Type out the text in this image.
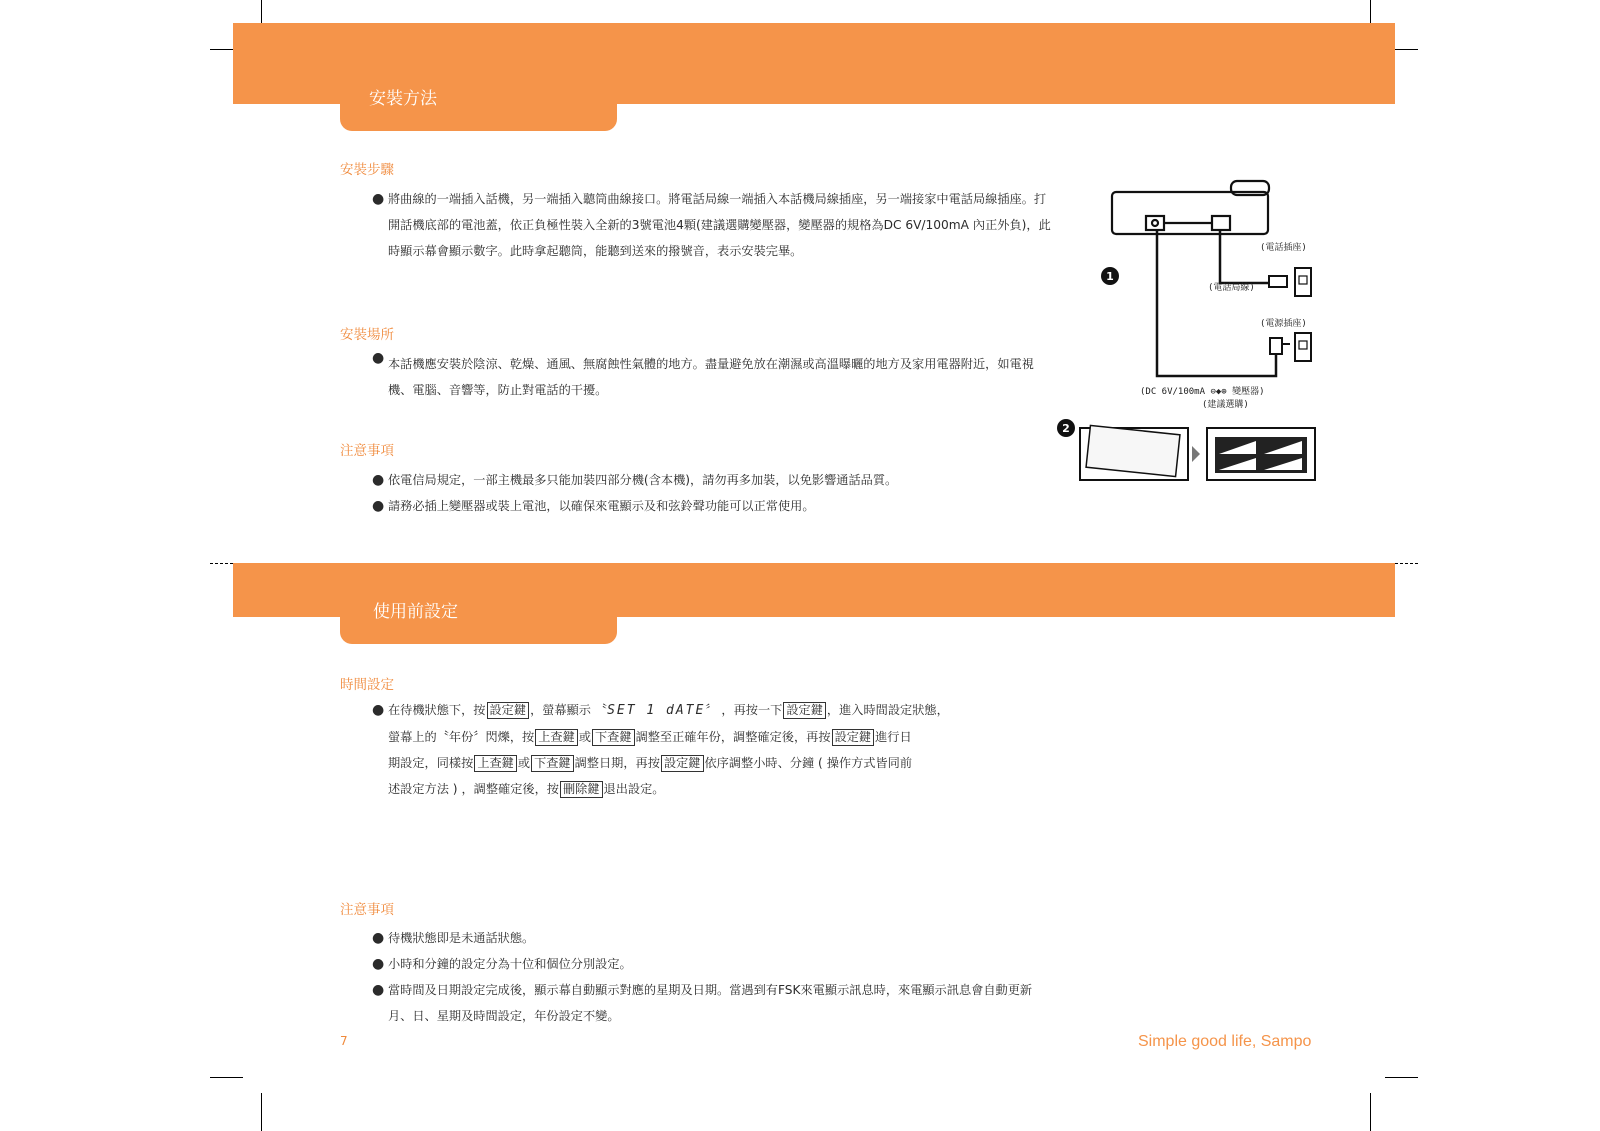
安裝方法
安裝步驟
● 將曲線的一端插入話機，另一端插入聽筒曲線接口。將電話局線一端插入本話機局線插座，另一端接家中電話局線插座。打開話機底部的電池蓋，依正負極性裝入全新的3號電池4顆(建議選購變壓器，變壓器的規格為DC 6V/100mA 內正外負)，此時顯示幕會顯示數字。此時拿起聽筒，能聽到送來的撥號音，表示安裝完畢。
安裝場所
● 本話機應安裝於陰涼、乾燥、通風、無腐蝕性氣體的地方。盡量避免放在潮濕或高溫曝曬的地方及家用電器附近，如電視機、電腦、音響等，防止對電話的干擾。
注意事項
● 依電信局規定，一部主機最多只能加裝四部分機(含本機)，請勿再多加裝，以免影響通話品質。
● 請務必插上變壓器或裝上電池，以確保來電顯示及和弦鈴聲功能可以正常使用。
1
2
(電話插座)
(電話局線)
(電源插座)
(DC 6V/100mA ⊖◆⊕ 變壓器)
(建議選購)
使用前設定
時間設定
● 在待機狀態下，按 設定鍵 ，螢幕顯示 〝SET 1 dATE〞 ，再按一下 設定鍵 ，進入時間設定狀態，
螢幕上的〝年份〞閃爍，按 上查鍵 或 下查鍵 調整至正確年份，調整確定後，再按 設定鍵 進行日
期設定，同樣按 上查鍵 或 下查鍵 調整日期，再按 設定鍵 依序調整小時、分鐘 ( 操作方式皆同前
述設定方法 ) ，調整確定後，按 刪除鍵 退出設定。
注意事項
● 待機狀態即是未通話狀態。
● 小時和分鐘的設定分為十位和個位分別設定。
● 當時間及日期設定完成後，顯示幕自動顯示對應的星期及日期。當遇到有FSK來電顯示訊息時，來電顯示訊息會自動更新月、日、星期及時間設定，年份設定不變。
7	Simple good life, Sampo
